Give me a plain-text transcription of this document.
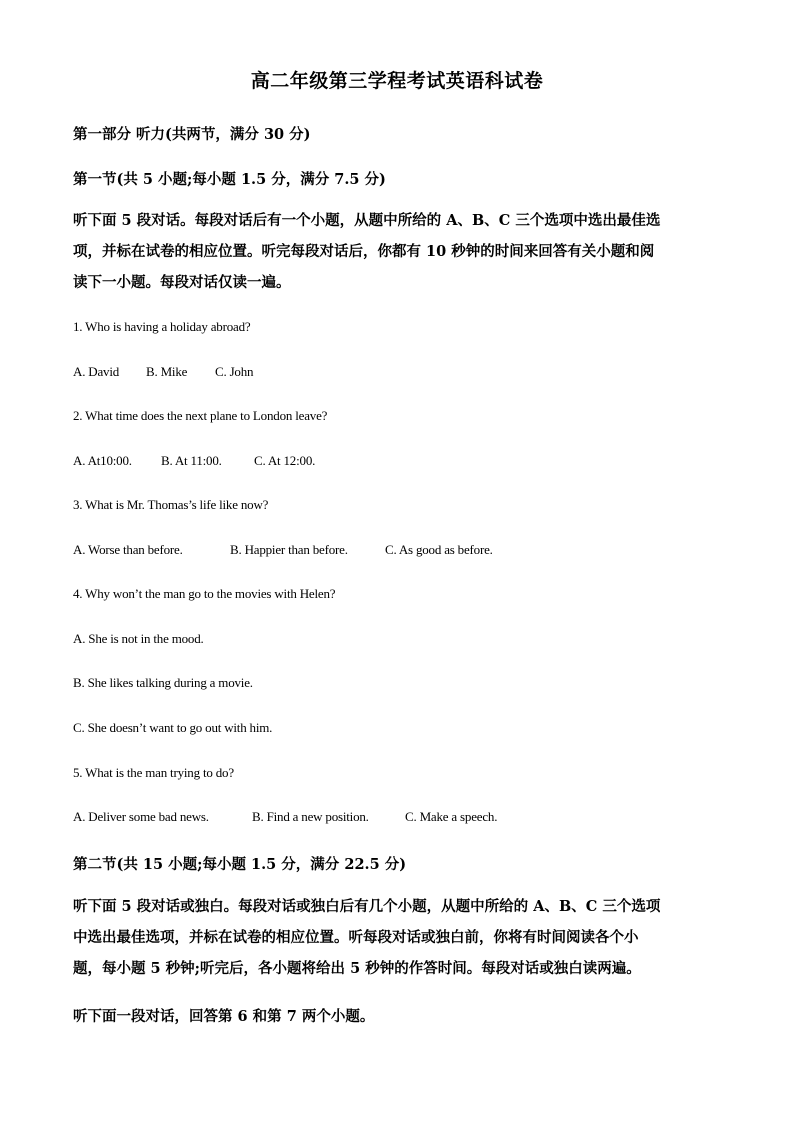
高二年级第三学程考试英语科试卷
第一部分 听力(共两节，满分 30 分)
第一节(共 5 小题;每小题 1.5 分，满分 7.5 分)
听下面 5 段对话。每段对话后有一个小题，从题中所给的 A、B、C 三个选项中选出最佳选
项，并标在试卷的相应位置。听完每段对话后，你都有 10 秒钟的时间来回答有关小题和阅
读下一小题。每段对话仅读一遍。
1. Who is having a holiday abroad?
A. David B. Mike C. John
2. What time does the next plane to London leave?
A. At10:00. B. At 11:00. C. At 12:00.
3. What is Mr. Thomas’s life like now?
A. Worse than before.	B. Happier than before.	C. As good as before.
4. Why won’t the man go to the movies with Helen?
A. She is not in the mood.
B. She likes talking during a movie.
C. She doesn’t want to go out with him.
5. What is the man trying to do?
A. Deliver some bad news.	B. Find a new position.	C. Make a speech.
第二节(共 15 小题;每小题 1.5 分，满分 22.5 分)
听下面 5 段对话或独白。每段对话或独白后有几个小题，从题中所给的 A、B、C 三个选项
中选出最佳选项，并标在试卷的相应位置。听每段对话或独白前，你将有时间阅读各个小
题，每小题 5 秒钟;听完后，各小题将给出 5 秒钟的作答时间。每段对话或独白读两遍。
听下面一段对话，回答第 6 和第 7 两个小题。
